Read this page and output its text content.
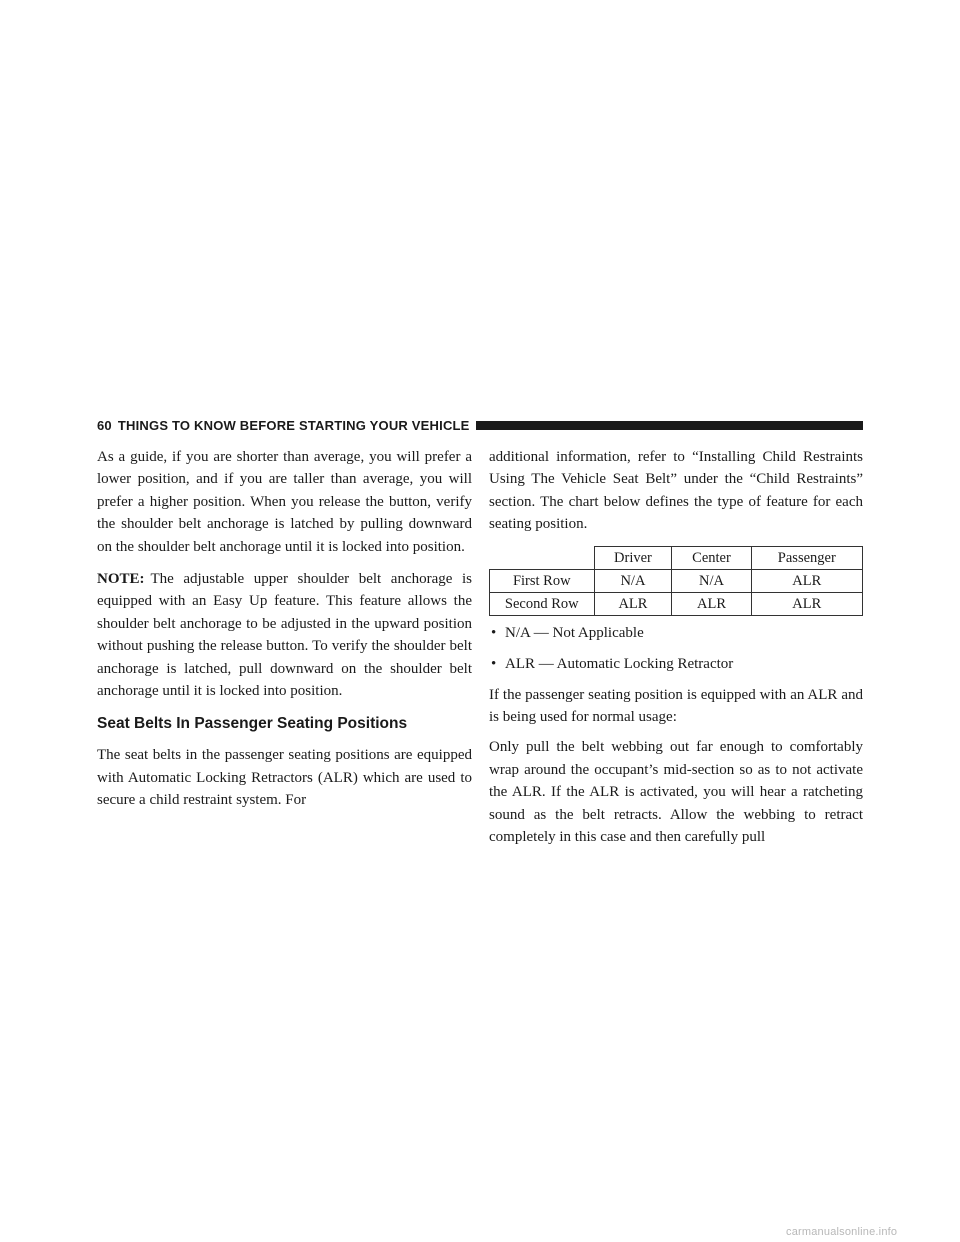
60 THINGS TO KNOW BEFORE STARTING YOUR VEHICLE

As a guide, if you are shorter than average, you will prefer a lower position, and if you are taller than average, you will prefer a higher position. When you release the button, verify the shoulder belt anchorage is latched by pulling downward on the shoulder belt anchorage until it is locked into position.

NOTE: The adjustable upper shoulder belt anchorage is equipped with an Easy Up feature. This feature allows the shoulder belt anchorage to be adjusted in the upward position without pushing the release button. To verify the shoulder belt anchorage is latched, pull downward on the shoulder belt anchorage until it is locked into position.

Seat Belts In Passenger Seating Positions

The seat belts in the passenger seating positions are equipped with Automatic Locking Retractors (ALR) which are used to secure a child restraint system. For

additional information, refer to “Installing Child Restraints Using The Vehicle Seat Belt” under the “Child Restraints” section. The chart below defines the type of feature for each seating position.

	Driver	Center	Passenger
First Row	N/A	N/A	ALR
Second Row	ALR	ALR	ALR
• N/A — Not Applicable
• ALR — Automatic Locking Retractor

If the passenger seating position is equipped with an ALR and is being used for normal usage:

Only pull the belt webbing out far enough to comfortably wrap around the occupant’s mid-section so as to not activate the ALR. If the ALR is activated, you will hear a ratcheting sound as the belt retracts. Allow the webbing to retract completely in this case and then carefully pull

carmanualsonline.info
